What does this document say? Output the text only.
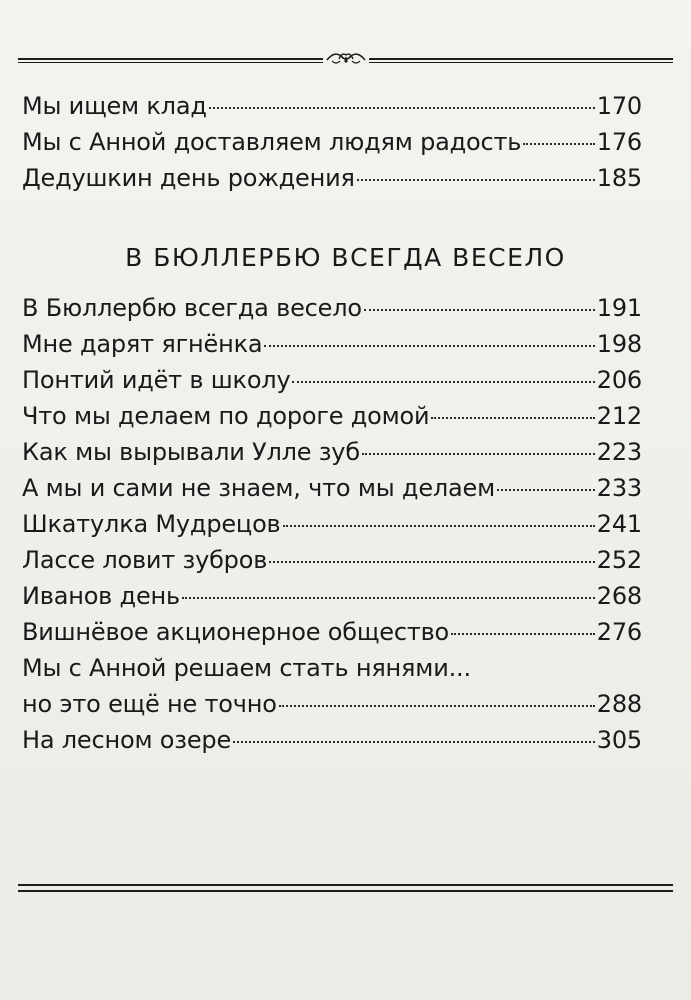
Мы ищем клад	170
Мы с Анной доставляем людям радость	176
Дедушкин день рождения	185
В БЮЛЛЕРБЮ ВСЕГДА ВЕСЕЛО
В Бюллербю всегда весело	191
Мне дарят ягнёнка	198
Понтий идёт в школу	206
Что мы делаем по дороге домой	212
Как мы вырывали Улле зуб	223
А мы и сами не знаем, что мы делаем	233
Шкатулка Мудрецов	241
Лассе ловит зубров	252
Иванов день	268
Вишнёвое акционерное общество	276
Мы с Анной решаем стать нянями...
но это ещё не точно	288
На лесном озере	305
